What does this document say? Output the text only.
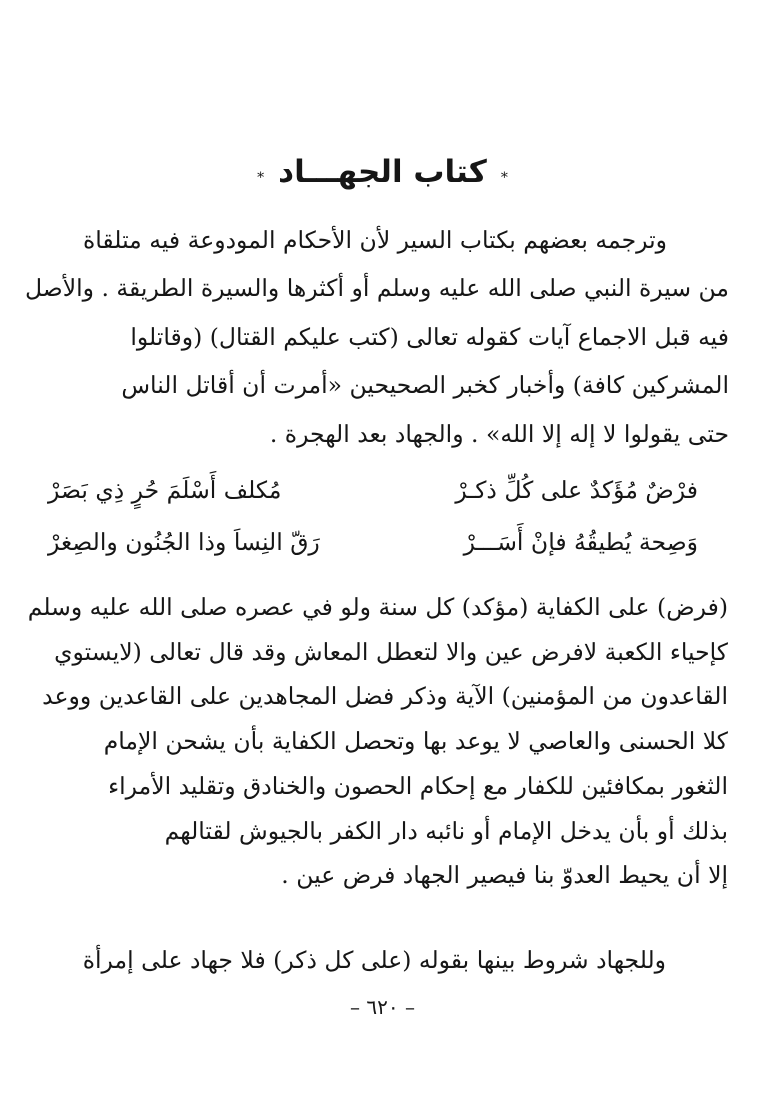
*
كتاب الجهـــاد
*

وترجمه بعضهم بكتاب السير لأن الأحكام المودوعة فيه متلقاة
من سيرة النبي صلى الله عليه وسلم أو أكثرها والسيرة الطريقة . والأصل
فيه قبل الاجماع آيات كقوله تعالى (كتب عليكم القتال) (وقاتلوا
المشركين كافة) وأخبار كخبر الصحيحين «أمرت أن أقاتل الناس
حتى يقولوا لا إله إلا الله» . والجهاد بعد الهجرة .

فرْضٌ مُؤَكدٌ على كُلِّ ذكـرْ
مُكلف أَسْلَمَ حُرٍ ذِي بَصَرْ
وَصِحة يُطيقُهُ فإنْ أَسَـــرْ
رَقّ النِساَ وذا الجُنُون والصِغرْ

(فرض) على الكفاية (مؤكد) كل سنة ولو في عصره صلى الله عليه وسلم
كإحياء الكعبة لافرض عين والا لتعطل المعاش وقد قال تعالى (لايستوي
القاعدون من المؤمنين) الآية وذكر فضل المجاهدين على القاعدين ووعد
كلا الحسنى والعاصي لا يوعد بها وتحصل الكفاية بأن يشحن الإمام
الثغور بمكافئين للكفار مع إحكام الحصون والخنادق وتقليد الأمراء
بذلك أو بأن يدخل الإمام أو نائبه دار الكفر بالجيوش لقتالهم
إلا أن يحيط العدوّ بنا فيصير الجهاد فرض عين .

وللجهاد شروط بينها بقوله (على كل ذكر) فلا جهاد على إمرأة

– ٦٢٠ –
